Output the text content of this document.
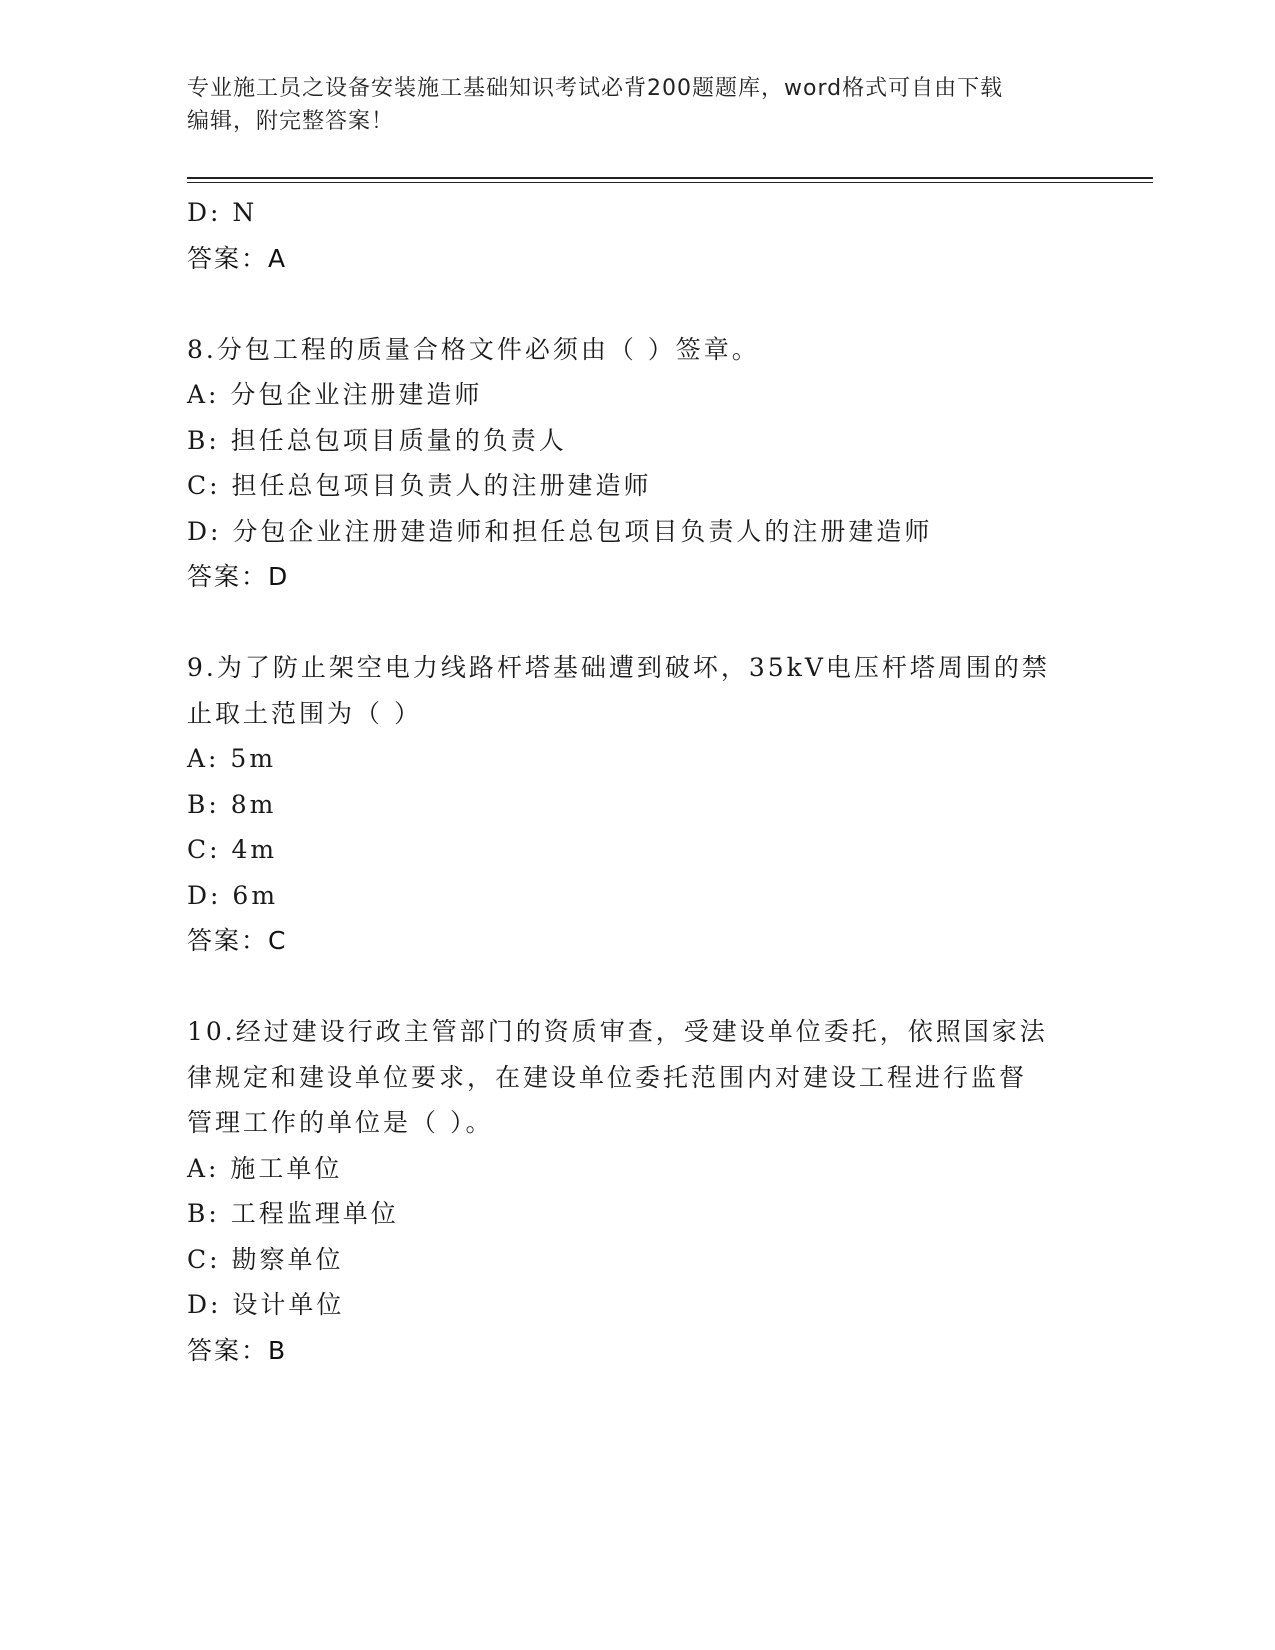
专业施工员之设备安装施工基础知识考试必背200题题库，word格式可自由下载
编辑，附完整答案！
D: N
答案：A
8.分包工程的质量合格文件必须由（ ）签章。
A: 分包企业注册建造师
B: 担任总包项目质量的负责人
C: 担任总包项目负责人的注册建造师
D: 分包企业注册建造师和担任总包项目负责人的注册建造师
答案：D
9.为了防止架空电力线路杆塔基础遭到破坏，35kV电压杆塔周围的禁
止取土范围为（ ）
A: 5m
B: 8m
C: 4m
D: 6m
答案：C
10.经过建设行政主管部门的资质审查，受建设单位委托，依照国家法
律规定和建设单位要求，在建设单位委托范围内对建设工程进行监督
管理工作的单位是（ ）。
A: 施工单位
B: 工程监理单位
C: 勘察单位
D: 设计单位
答案：B
